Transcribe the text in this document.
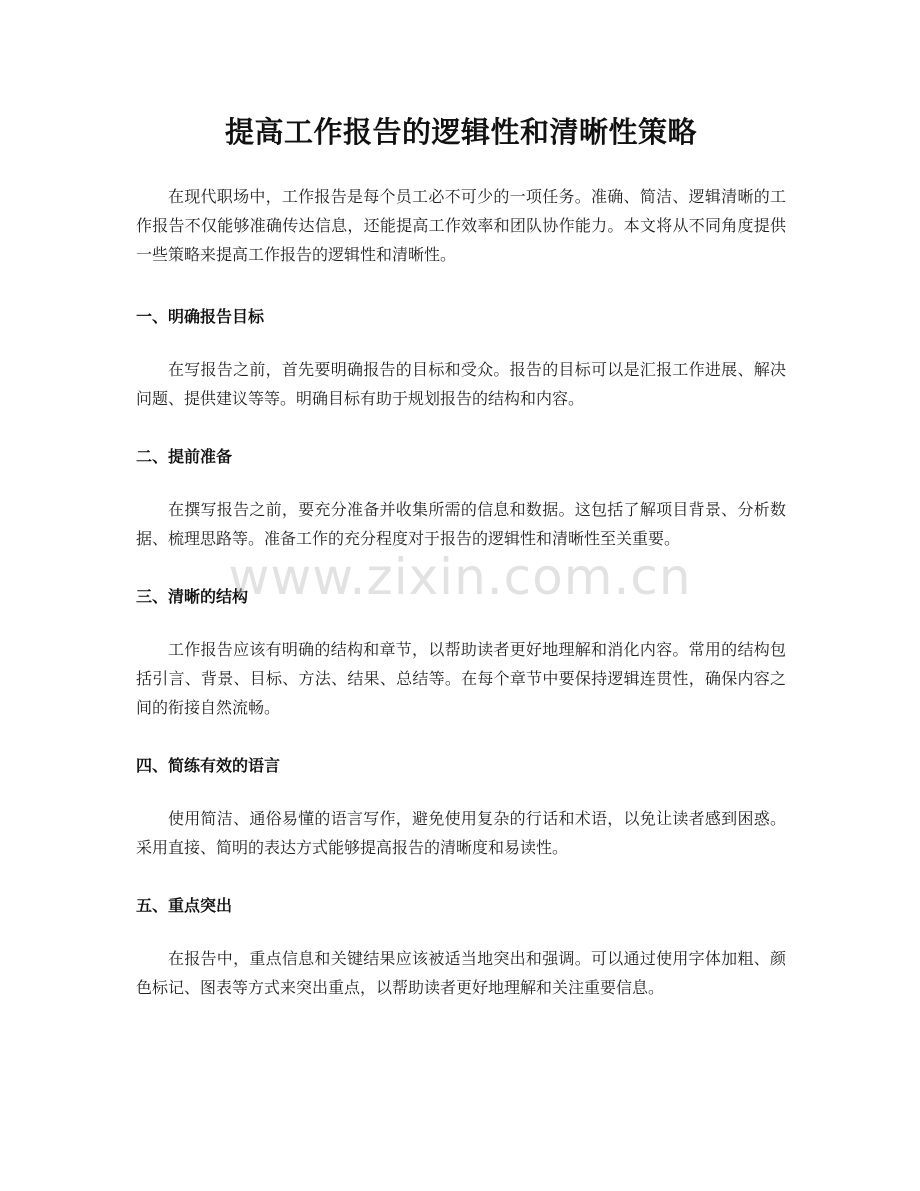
提高工作报告的逻辑性和清晰性策略

在现代职场中，工作报告是每个员工必不可少的一项任务。准确、简洁、逻辑清晰的工作报告不仅能够准确传达信息，还能提高工作效率和团队协作能力。本文将从不同角度提供一些策略来提高工作报告的逻辑性和清晰性。

一、明确报告目标

在写报告之前，首先要明确报告的目标和受众。报告的目标可以是汇报工作进展、解决问题、提供建议等等。明确目标有助于规划报告的结构和内容。

二、提前准备

在撰写报告之前，要充分准备并收集所需的信息和数据。这包括了解项目背景、分析数据、梳理思路等。准备工作的充分程度对于报告的逻辑性和清晰性至关重要。

三、清晰的结构

工作报告应该有明确的结构和章节，以帮助读者更好地理解和消化内容。常用的结构包括引言、背景、目标、方法、结果、总结等。在每个章节中要保持逻辑连贯性，确保内容之间的衔接自然流畅。

四、简练有效的语言

使用简洁、通俗易懂的语言写作，避免使用复杂的行话和术语，以免让读者感到困惑。采用直接、简明的表达方式能够提高报告的清晰度和易读性。

五、重点突出

在报告中，重点信息和关键结果应该被适当地突出和强调。可以通过使用字体加粗、颜色标记、图表等方式来突出重点，以帮助读者更好地理解和关注重要信息。

www.zixin.com.cn
